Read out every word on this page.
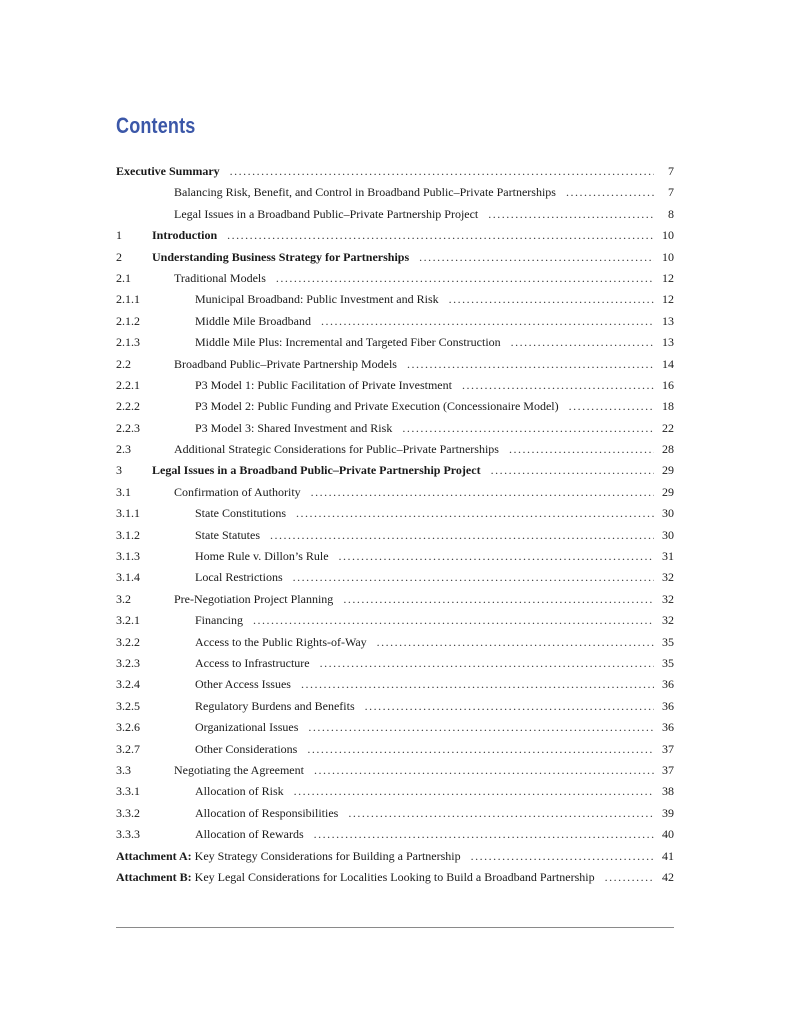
Contents
Executive Summary .....	7
Balancing Risk, Benefit, and Control in Broadband Public–Private Partnerships .....	7
Legal Issues in a Broadband Public–Private Partnership Project .....	8
1	Introduction .....	10
2	Understanding Business Strategy for Partnerships .....	10
2.1	Traditional Models .....	12
2.1.1	Municipal Broadband: Public Investment and Risk .....	12
2.1.2	Middle Mile Broadband .....	13
2.1.3	Middle Mile Plus: Incremental and Targeted Fiber Construction .....	13
2.2	Broadband Public–Private Partnership Models .....	14
2.2.1	P3 Model 1: Public Facilitation of Private Investment .....	16
2.2.2	P3 Model 2: Public Funding and Private Execution (Concessionaire Model) .....	18
2.2.3	P3 Model 3: Shared Investment and Risk .....	22
2.3	Additional Strategic Considerations for Public–Private Partnerships .....	28
3	Legal Issues in a Broadband Public–Private Partnership Project .....	29
3.1	Confirmation of Authority .....	29
3.1.1	State Constitutions .....	30
3.1.2	State Statutes .....	30
3.1.3	Home Rule v. Dillon’s Rule .....	31
3.1.4	Local Restrictions .....	32
3.2	Pre-Negotiation Project Planning .....	32
3.2.1	Financing .....	32
3.2.2	Access to the Public Rights-of-Way .....	35
3.2.3	Access to Infrastructure .....	35
3.2.4	Other Access Issues .....	36
3.2.5	Regulatory Burdens and Benefits .....	36
3.2.6	Organizational Issues .....	36
3.2.7	Other Considerations .....	37
3.3	Negotiating the Agreement .....	37
3.3.1	Allocation of Risk .....	38
3.3.2	Allocation of Responsibilities .....	39
3.3.3	Allocation of Rewards .....	40
Attachment A: Key Strategy Considerations for Building a Partnership .....	41
Attachment B: Key Legal Considerations for Localities Looking to Build a Broadband Partnership .....	42
